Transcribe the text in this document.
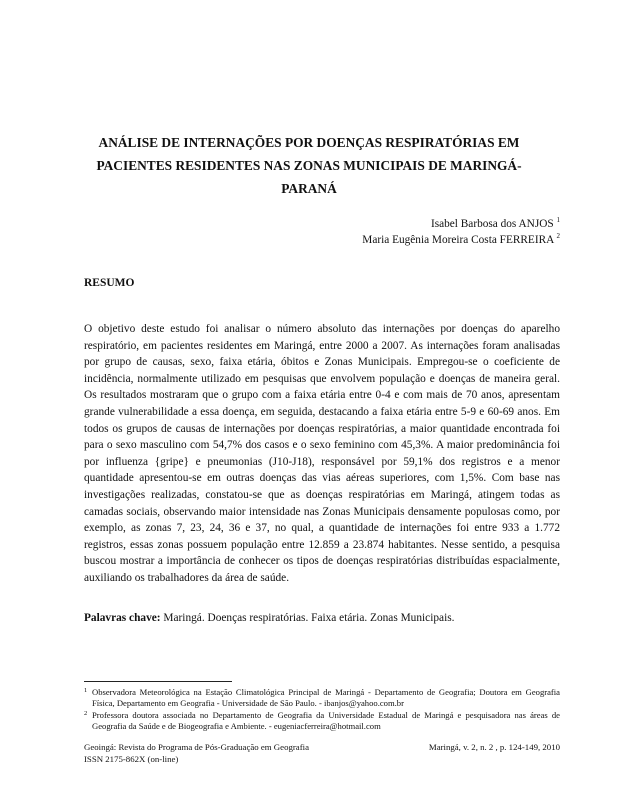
ANÁLISE DE INTERNAÇÕES POR DOENÇAS RESPIRATÓRIAS EM
PACIENTES RESIDENTES NAS ZONAS MUNICIPAIS DE MARINGÁ-
PARANÁ
Isabel Barbosa dos ANJOS $^1$
Maria Eugênia Moreira Costa FERREIRA $^2$
RESUMO

O objetivo deste estudo foi analisar o número absoluto das internações por doenças do aparelho respiratório, em pacientes residentes em Maringá, entre 2000 a 2007. As internações foram analisadas por grupo de causas, sexo, faixa etária, óbitos e Zonas Municipais. Empregou-se o coeficiente de incidência, normalmente utilizado em pesquisas que envolvem população e doenças de maneira geral. Os resultados mostraram que o grupo com a faixa etária entre 0-4 e com mais de 70 anos, apresentam grande vulnerabilidade a essa doença, em seguida, destacando a faixa etária entre 5-9 e 60-69 anos. Em todos os grupos de causas de internações por doenças respiratórias, a maior quantidade encontrada foi para o sexo masculino com 54,7% dos casos e o sexo feminino com 45,3%. A maior predominância foi por influenza {gripe} e pneumonias (J10-J18), responsável por 59,1% dos registros e a menor quantidade apresentou-se em outras doenças das vias aéreas superiores, com 1,5%. Com base nas investigações realizadas, constatou-se que as doenças respiratórias em Maringá, atingem todas as camadas sociais, observando maior intensidade nas Zonas Municipais densamente populosas como, por exemplo, as zonas 7, 23, 24, 36 e 37, no qual, a quantidade de internações foi entre 933 a 1.772 registros, essas zonas possuem população entre 12.859 a 23.874 habitantes. Nesse sentido, a pesquisa buscou mostrar a importância de conhecer os tipos de doenças respiratórias distribuídas espacialmente, auxiliando os trabalhadores da área de saúde.

Palavras chave: Maringá. Doenças respiratórias. Faixa etária. Zonas Municipais.
1 Observadora Meteorológica na Estação Climatológica Principal de Maringá - Departamento de Geografia; Doutora em Geografia Física, Departamento em Geografia - Universidade de São Paulo. - ibanjos@yahoo.com.br
2 Professora doutora associada no Departamento de Geografia da Universidade Estadual de Maringá e pesquisadora nas áreas de Geografia da Saúde e de Biogeografia e Ambiente. - eugeniacferreira@hotmail.com
Geoingá: Revista do Programa de Pós-Graduação em Geografia	Maringá, v. 2, n. 2 , p. 124-149, 2010
ISSN 2175-862X (on-line)
